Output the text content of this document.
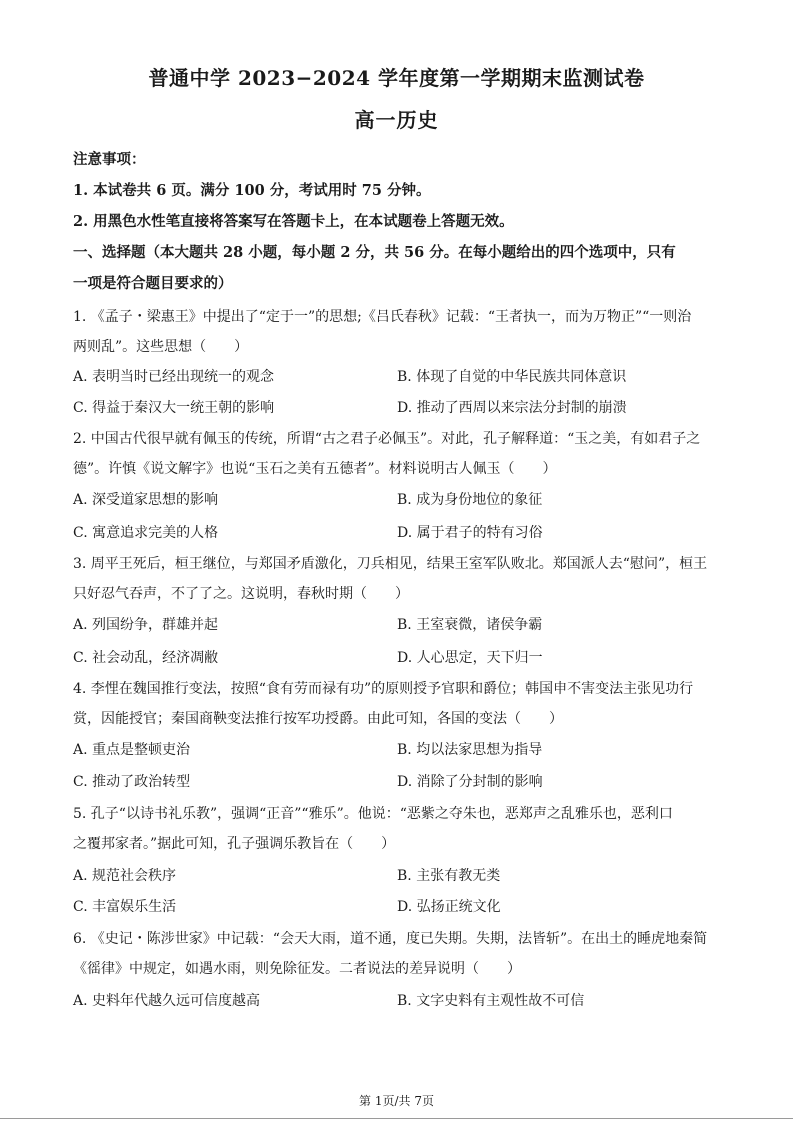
普通中学 2023−2024 学年度第一学期期末监测试卷
高一历史
注意事项：
1. 本试卷共 6 页。满分 100 分，考试用时 75 分钟。
2. 用黑色水性笔直接将答案写在答题卡上，在本试题卷上答题无效。
一、选择题（本大题共 28 小题，每小题 2 分，共 56 分。在每小题给出的四个选项中，只有
一项是符合题目要求的）
1. 《孟子・梁惠王》中提出了“定于一”的思想;《吕氏春秋》记载：“王者执一，而为万物正”“一则治
两则乱”。这些思想（　　）
A. 表明当时已经出现统一的观念	B. 体现了自觉的中华民族共同体意识
C. 得益于秦汉大一统王朝的影响	D. 推动了西周以来宗法分封制的崩溃
2. 中国古代很早就有佩玉的传统，所谓“古之君子必佩玉”。对此，孔子解释道：“玉之美，有如君子之
德”。许慎《说文解字》也说“玉石之美有五德者”。材料说明古人佩玉（　　）
A. 深受道家思想的影响	B. 成为身份地位的象征
C. 寓意追求完美的人格	D. 属于君子的特有习俗
3. 周平王死后，桓王继位，与郑国矛盾激化，刀兵相见，结果王室军队败北。郑国派人去“慰问”，桓王
只好忍气吞声，不了了之。这说明，春秋时期（　　）
A. 列国纷争，群雄并起	B. 王室衰微，诸侯争霸
C. 社会动乱，经济凋敝	D. 人心思定，天下归一
4. 李悝在魏国推行变法，按照“食有劳而禄有功”的原则授予官职和爵位；韩国申不害变法主张见功行
赏，因能授官；秦国商鞅变法推行按军功授爵。由此可知，各国的变法（　　）
A. 重点是整顿吏治	B. 均以法家思想为指导
C. 推动了政治转型	D. 消除了分封制的影响
5. 孔子“以诗书礼乐教”，强调“正音”“雅乐”。他说：“恶紫之夺朱也，恶郑声之乱雅乐也，恶利口
之覆邦家者。”据此可知，孔子强调乐教旨在（　　）
A. 规范社会秩序	B. 主张有教无类
C. 丰富娱乐生活	D. 弘扬正统文化
6. 《史记・陈涉世家》中记载：“会天大雨，道不通，度已失期。失期，法皆斩”。在出土的睡虎地秦简
《徭律》中规定，如遇水雨，则免除征发。二者说法的差异说明（　　）
A. 史料年代越久远可信度越高	B. 文字史料有主观性故不可信
第 1页/共 7页
